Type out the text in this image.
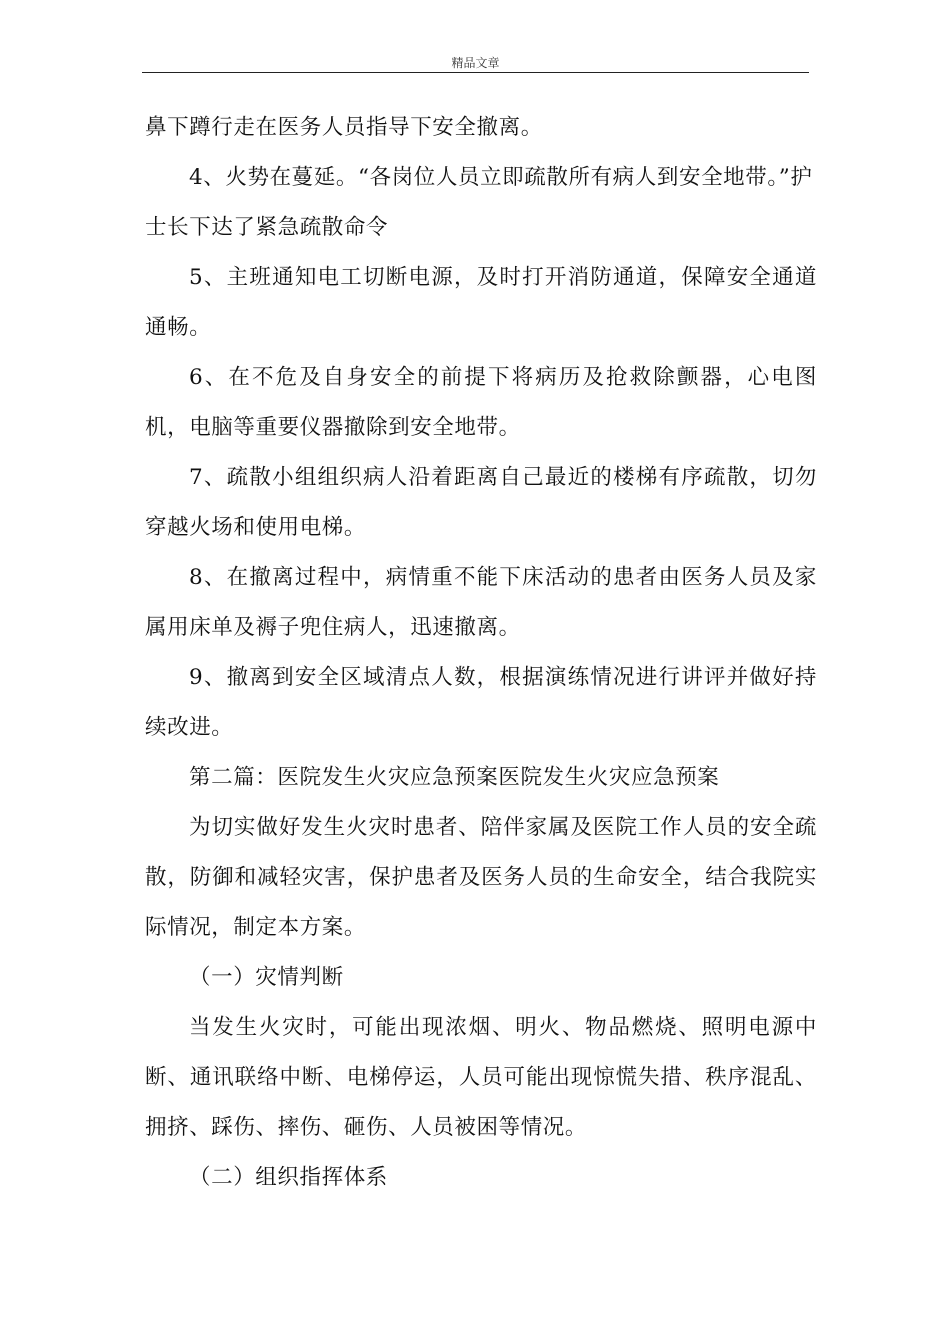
精品文章

鼻下蹲行走在医务人员指导下安全撤离。

4、火势在蔓延。“各岗位人员立即疏散所有病人到安全地带。”护士长下达了紧急疏散命令

5、主班通知电工切断电源，及时打开消防通道，保障安全通道通畅。

6、在不危及自身安全的前提下将病历及抢救除颤器，心电图机，电脑等重要仪器撤除到安全地带。

7、疏散小组组织病人沿着距离自己最近的楼梯有序疏散，切勿穿越火场和使用电梯。

8、在撤离过程中，病情重不能下床活动的患者由医务人员及家属用床单及褥子兜住病人，迅速撤离。

9、撤离到安全区域清点人数，根据演练情况进行讲评并做好持续改进。

第二篇：医院发生火灾应急预案医院发生火灾应急预案

为切实做好发生火灾时患者、陪伴家属及医院工作人员的安全疏散，防御和减轻灾害，保护患者及医务人员的生命安全，结合我院实际情况，制定本方案。

（一）灾情判断

当发生火灾时，可能出现浓烟、明火、物品燃烧、照明电源中断、通讯联络中断、电梯停运，人员可能出现惊慌失措、秩序混乱、拥挤、踩伤、摔伤、砸伤、人员被困等情况。

（二）组织指挥体系
